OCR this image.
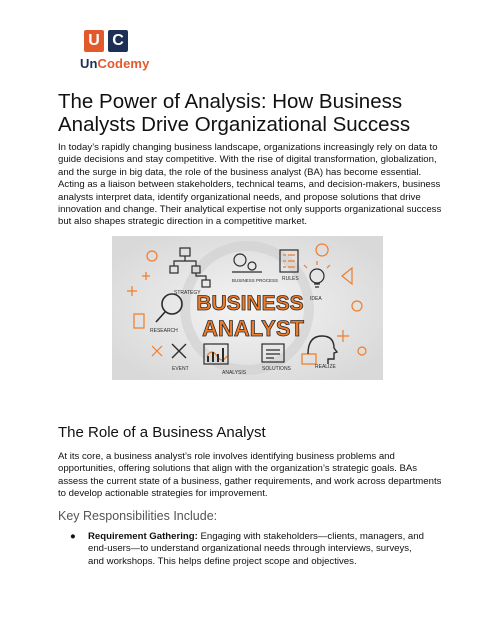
U C
UnCodemy
The Power of Analysis: How Business Analysts Drive Organizational Success

In today’s rapidly changing business landscape, organizations increasingly rely on data to guide decisions and stay competitive. With the rise of digital transformation, globalization, and the surge in big data, the role of the business analyst (BA) has become essential. Acting as a liaison between stakeholders, technical teams, and decision-makers, business analysts interpret data, identify organizational needs, and propose solutions that drive innovation and change. Their analytical expertise not only supports organizational success but also shapes strategic direction in a competitive market.

STRATEGY
BUSINESS PROCESS RULES
RESEARCH
BUSINESS
ANALYST
IDEA
EVENT
ANALYSIS
SOLUTIONS	REALIZE
The Role of a Business Analyst

At its core, a business analyst’s role involves identifying business problems and opportunities, offering solutions that align with the organization’s strategic goals. BAs assess the current state of a business, gather requirements, and work across departments to develop actionable strategies for improvement.

Key Responsibilities Include:
●	Requirement Gathering: Engaging with stakeholders—clients, managers, and end-users—to understand organizational needs through interviews, surveys, and workshops. This helps define project scope and objectives.
